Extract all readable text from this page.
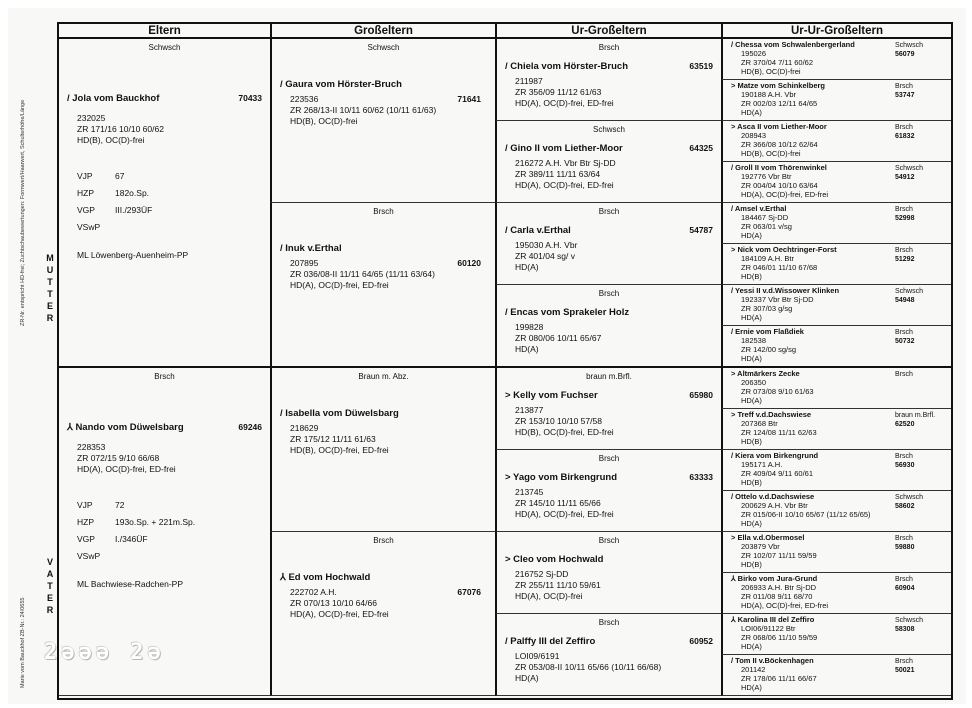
ZR-Nr. entspricht HD-frei; Zuchtschaubewertungen: Formwert/Haarwert, Schulterhöhe/Länge
Marie vom Bauckhof ZB-Nr.: 24/0655
M
U
T
T
E
R
V
A
T
E
R
2ǝǝǝ 2ǝ
Eltern	Großeltern	Ur-Großeltern	Ur-Ur-Großeltern
Schwsch
/ Jola vom Bauckhof	70433
232025
ZR 171/16 10/10 60/62
HD(B), OC(D)-frei
VJP	67
HZP 182o.Sp.
VGP III./293ÜF
VSwP
ML Löwenberg-Auenheim-PP
Brsch
⅄ Nando vom Düwelsbarg	69246
228353
ZR 072/15 9/10 66/68
HD(A), OC(D)-frei, ED-frei
VJP	72
HZP 193o.Sp. + 221m.Sp.
VGP I./346ÜF
VSwP
ML Bachwiese-Radchen-PP
Schwsch
/ Gaura vom Hörster-Bruch
223536	71641
ZR 268/13-II 10/11 60/62 (10/11 61/63)
HD(B), OC(D)-frei
Brsch
/ Inuk v.Erthal
207895	60120
ZR 036/08-II 11/11 64/65 (11/11 63/64)
HD(A), OC(D)-frei, ED-frei
Braun m. Abz.
/ Isabella vom Düwelsbarg
218629
ZR 175/12 11/11 61/63
HD(B), OC(D)-frei, ED-frei
Brsch
⅄ Ed vom Hochwald
222702 A.H.	67076
ZR 070/13 10/10 64/66
HD(A), OC(D)-frei, ED-frei
Brsch
/ Chiela vom Hörster-Bruch	63519
211987
ZR 356/09 11/12 61/63
HD(A), OC(D)-frei, ED-frei
Schwsch
/ Gino II vom Liether-Moor	64325
216272 A.H. Vbr Btr Sj-DD
ZR 389/11 11/11 63/64
HD(A), OC(D)-frei, ED-frei
Brsch
/ Carla v.Erthal	54787
195030 A.H. Vbr
ZR 401/04 sg/ v
HD(A)
Brsch
/ Encas vom Sprakeler Holz
199828
ZR 080/06 10/11 65/67
HD(A)
braun m.Brfl.
> Kelly vom Fuchser	65980
213877
ZR 153/10 10/10 57/58
HD(B), OC(D)-frei, ED-frei
Brsch
> Yago vom Birkengrund	63333
213745
ZR 145/10 11/11 65/66
HD(A), OC(D)-frei, ED-frei
Brsch
> Cleo vom Hochwald
216752 Sj-DD
ZR 255/11 11/10 59/61
HD(A), OC(D)-frei
Brsch
/ Palffy III del Zeffiro	60952
LOI09/6191
ZR 053/08-II 10/11 65/66 (10/11 66/68)
HD(A)
/ Chessa vom Schwalenbergerland
195026
ZR 370/04 7/11 60/62
HD(B), OC(D)-frei
Schwsch
56079
> Matze vom Schinkelberg
190188 A.H. Vbr
ZR 002/03 12/11 64/65
HD(A)
Brsch
53747
> Asca II vom Liether-Moor
208943
ZR 366/08 10/12 62/64
HD(B), OC(D)-frei
Brsch
61832
/ Groll II vom Thörenwinkel
192776 Vbr Btr
ZR 004/04 10/10 63/64
HD(A), OC(D)-frei, ED-frei
Schwsch
54912
/ Amsel v.Erthal
184467 Sj-DD
ZR 063/01 v/sg
HD(A)
Brsch
52998
> Nick vom Oechtringer-Forst
184109 A.H. Btr
ZR 046/01 11/10 67/68
HD(B)
Brsch
51292
/ Yessi II v.d.Wissower Klinken
192337 Vbr Btr Sj-DD
ZR 307/03 g/sg
HD(A)
Schwsch
54948
/ Ernie vom Flaßdiek
182538
ZR 142/00 sg/sg
HD(A)
Brsch
50732
> Altmärkers Zecke
206350
ZR 073/08 9/10 61/63
HD(A)
Brsch
> Treff v.d.Dachswiese
207368 Btr
ZR 124/08 11/11 62/63
HD(B)
braun m.Brfl.
62520
/ Kiera vom Birkengrund
195171 A.H.
ZR 409/04 9/11 60/61
HD(B)
Brsch
56930
/ Ottelo v.d.Dachswiese
200629 A.H. Vbr Btr
ZR 015/06-II 10/10 65/67 (11/12 65/65)
HD(A)
Schwsch
58602
> Ella v.d.Obermosel
203879 Vbr
ZR 102/07 11/11 59/59
HD(B)
Brsch
59880
⅄ Birko vom Jura-Grund
206933 A.H. Btr Sj-DD
ZR 011/08 9/11 68/70
HD(A), OC(D)-frei, ED-frei
Brsch
60904
⅄ Karolina III del Zeffiro
LOI06/91122 Btr
ZR 068/06 11/10 59/59
HD(A)
Schwsch
58308
/ Tom II v.Böckenhagen
201142
ZR 178/06 11/11 66/67
HD(A)
Brsch
50021
